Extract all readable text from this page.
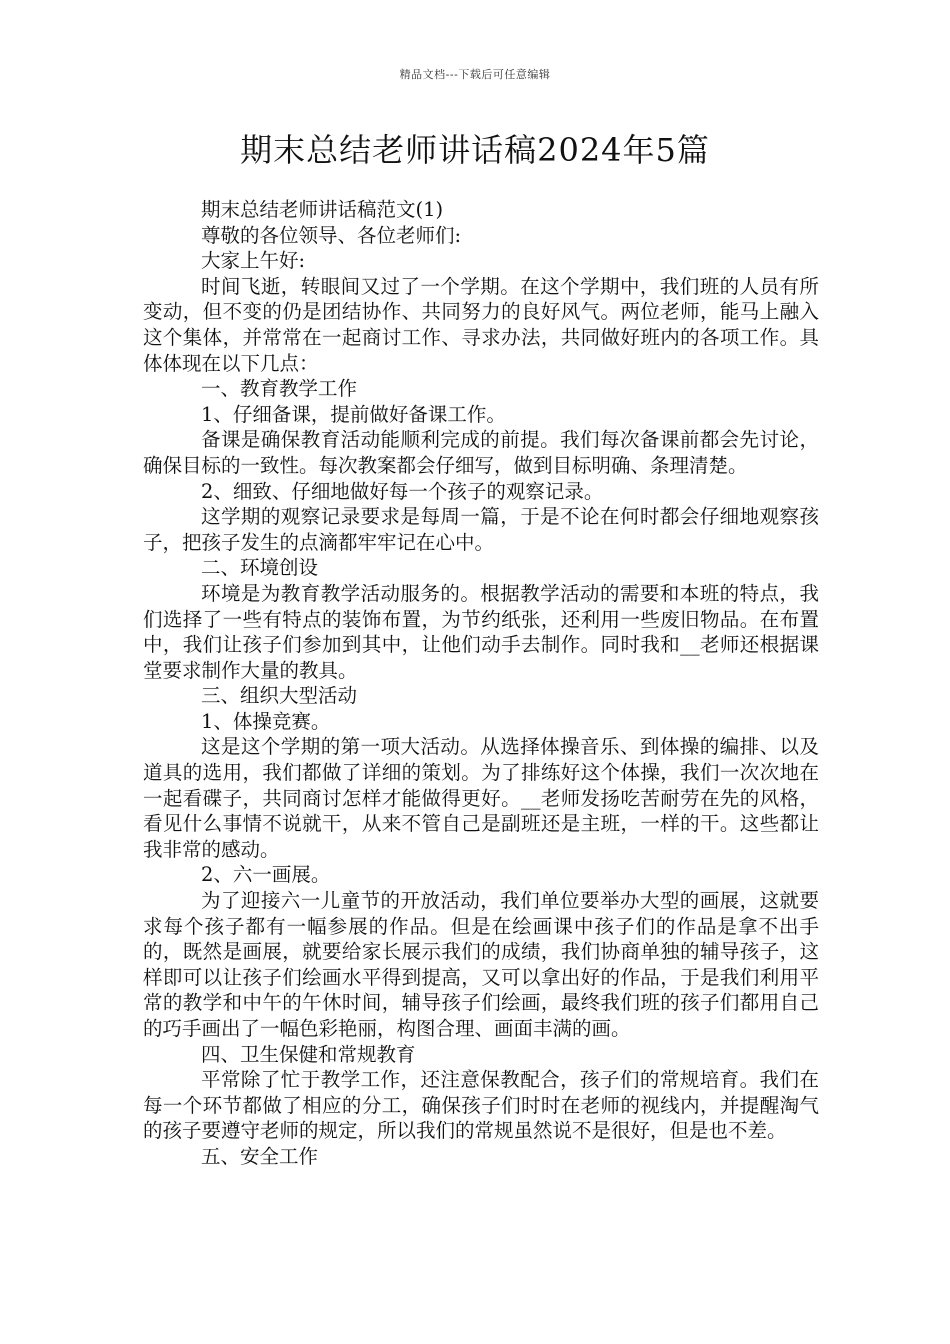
精品文档---下载后可任意编辑
期末总结老师讲话稿2024年5篇

期末总结老师讲话稿范文(1)

尊敬的各位领导、各位老师们:

大家上午好:

时间飞逝，转眼间又过了一个学期。在这个学期中，我们班的人员有所变动，但不变的仍是团结协作、共同努力的良好风气。两位老师，能马上融入这个集体，并常常在一起商讨工作、寻求办法，共同做好班内的各项工作。具体体现在以下几点：

一、教育教学工作

1、仔细备课，提前做好备课工作。

备课是确保教育活动能顺利完成的前提。我们每次备课前都会先讨论，确保目标的一致性。每次教案都会仔细写，做到目标明确、条理清楚。

2、细致、仔细地做好每一个孩子的观察记录。

这学期的观察记录要求是每周一篇，于是不论在何时都会仔细地观察孩子，把孩子发生的点滴都牢牢记在心中。

二、环境创设

环境是为教育教学活动服务的。根据教学活动的需要和本班的特点，我们选择了一些有特点的装饰布置，为节约纸张，还利用一些废旧物品。在布置中，我们让孩子们参加到其中，让他们动手去制作。同时我和__老师还根据课堂要求制作大量的教具。

三、组织大型活动

1、体操竞赛。

这是这个学期的第一项大活动。从选择体操音乐、到体操的编排、以及道具的选用，我们都做了详细的策划。为了排练好这个体操，我们一次次地在一起看碟子，共同商讨怎样才能做得更好。__老师发扬吃苦耐劳在先的风格，看见什么事情不说就干，从来不管自己是副班还是主班，一样的干。这些都让我非常的感动。

2、六一画展。

为了迎接六一儿童节的开放活动，我们单位要举办大型的画展，这就要求每个孩子都有一幅参展的作品。但是在绘画课中孩子们的作品是拿不出手的，既然是画展，就要给家长展示我们的成绩，我们协商单独的辅导孩子，这样即可以让孩子们绘画水平得到提高，又可以拿出好的作品，于是我们利用平常的教学和中午的午休时间，辅导孩子们绘画，最终我们班的孩子们都用自己的巧手画出了一幅色彩艳丽，构图合理、画面丰满的画。

四、卫生保健和常规教育

平常除了忙于教学工作，还注意保教配合，孩子们的常规培育。我们在每一个环节都做了相应的分工，确保孩子们时时在老师的视线内，并提醒淘气的孩子要遵守老师的规定，所以我们的常规虽然说不是很好，但是也不差。

五、安全工作
